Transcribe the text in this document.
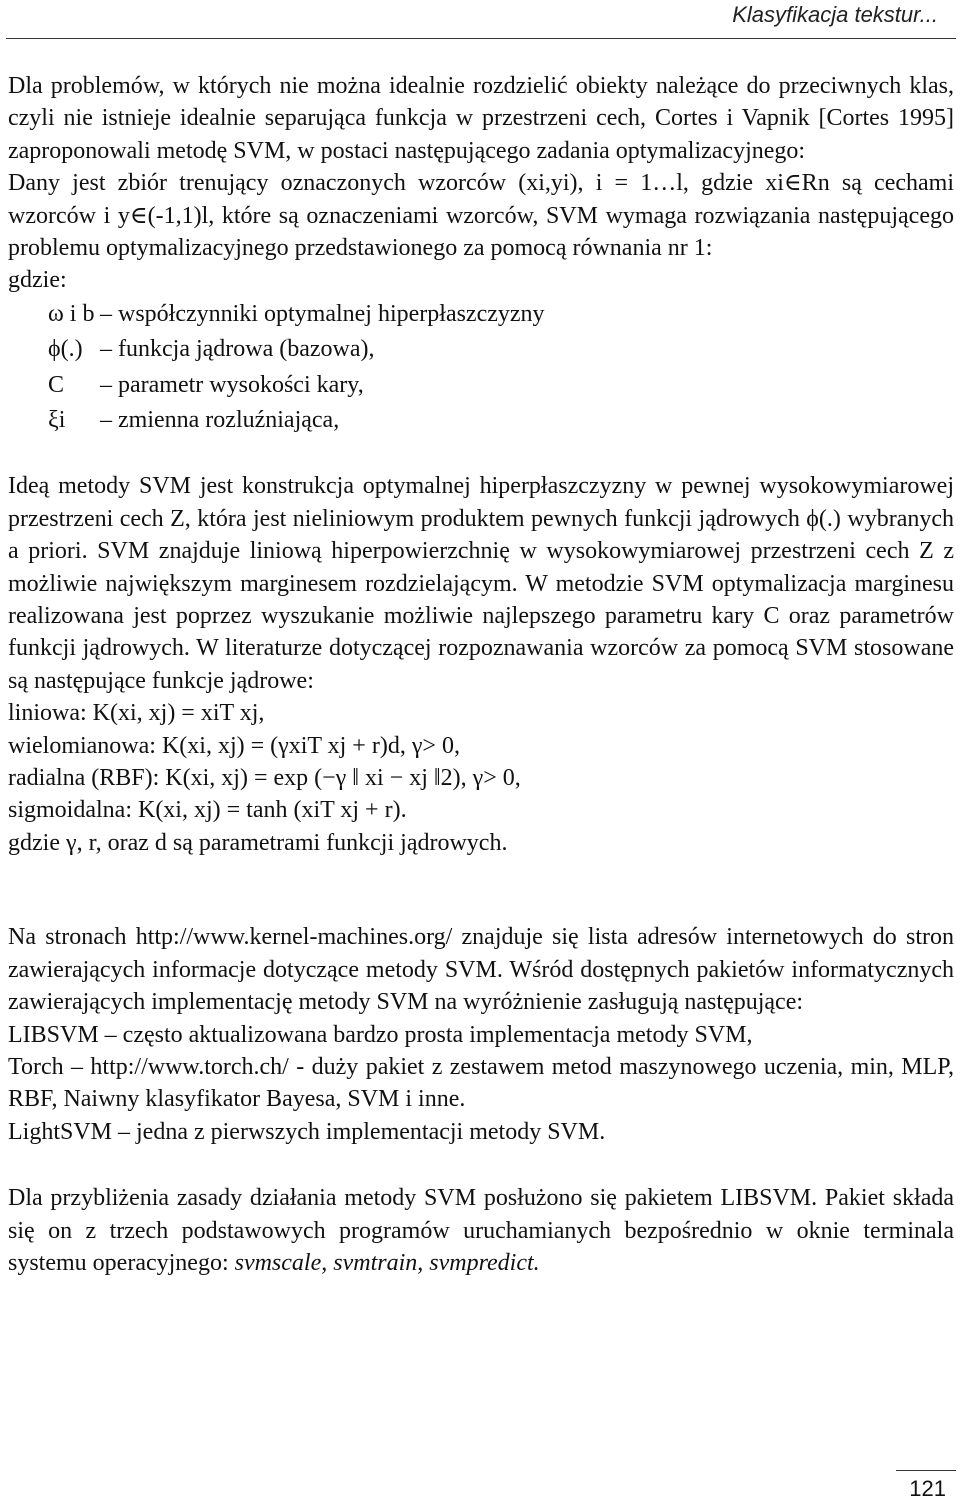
Klasyfikacja tekstur...

Dla problemów, w których nie można idealnie rozdzielić obiekty należące do przeciwnych klas, czyli nie istnieje idealnie separująca funkcja w przestrzeni cech, Cortes i Vapnik [Cortes 1995] zaproponowali metodę SVM, w postaci następującego zadania optymalizacyjnego:

Dany jest zbiór trenujący oznaczonych wzorców (xi,yi), i = 1…l, gdzie xi∈Rn są cechami wzorców i y∈(-1,1)l, które są oznaczeniami wzorców, SVM wymaga rozwiązania następującego problemu optymalizacyjnego przedstawionego za pomocą równania nr 1:

gdzie:

ω i b – współczynniki optymalnej hiperpłaszczyzny
ϕ(.) – funkcja jądrowa (bazowa),
C	– parametr wysokości kary,
ξi	– zmienna rozluźniająca,

Ideą metody SVM jest konstrukcja optymalnej hiperpłaszczyzny w pewnej wysokowymiarowej przestrzeni cech Z, która jest nieliniowym produktem pewnych funkcji jądrowych ϕ(.) wybranych a priori. SVM znajduje liniową hiperpowierzchnię w wysokowymiarowej przestrzeni cech Z z możliwie największym marginesem rozdzielającym. W metodzie SVM optymalizacja marginesu realizowana jest poprzez wyszukanie możliwie najlepszego parametru kary C oraz parametrów funkcji jądrowych. W literaturze dotyczącej rozpoznawania wzorców za pomocą SVM stosowane są następujące funkcje jądrowe:

liniowa: K(xi, xj) = xiT xj,

wielomianowa: K(xi, xj) = (γxiT xj + r)d, γ> 0,

radialna (RBF): K(xi, xj) = exp (−γ ‖ xi − xj ‖2), γ> 0,

sigmoidalna: K(xi, xj) = tanh (xiT xj + r).

gdzie γ, r, oraz d są parametrami funkcji jądrowych.

Na stronach http://www.kernel-machines.org/ znajduje się lista adresów internetowych do stron zawierających informacje dotyczące metody SVM. Wśród dostępnych pakietów informatycznych zawierających implementację metody SVM na wyróżnienie zasługują następujące:

LIBSVM – często aktualizowana bardzo prosta implementacja metody SVM,

Torch – http://www.torch.ch/ - duży pakiet z zestawem metod maszynowego uczenia, min, MLP, RBF, Naiwny klasyfikator Bayesa, SVM i inne.

LightSVM – jedna z pierwszych implementacji metody SVM.

Dla przybliżenia zasady działania metody SVM posłużono się pakietem LIBSVM. Pakiet składa się on z trzech podstawowych programów uruchamianych bezpośrednio w oknie terminala systemu operacyjnego: svmscale, svmtrain, svmpredict.

121
